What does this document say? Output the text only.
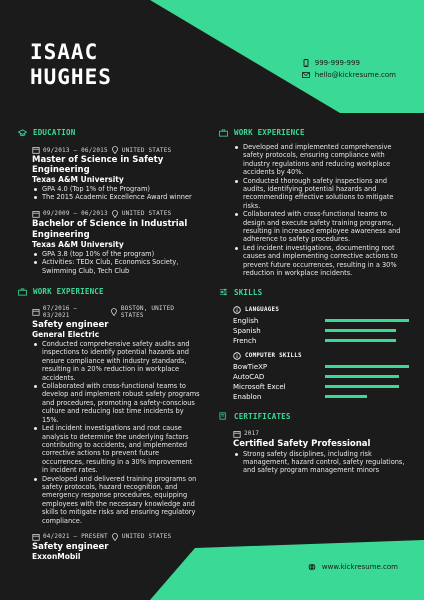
ISAAC
HUGHES
999-999-999
hello@kickresume.com
EDUCATION
09/2013 – 06/2015 UNITED STATES
Master of Science in Safety Engineering
Texas A&M University
GPA 4.0 (Top 1% of the Program)
The 2015 Academic Excellence Award winner
09/2009 – 06/2013 UNITED STATES
Bachelor of Science in Industrial
Engineering
Texas A&M University
GPA 3.8 (top 10% of the program)
Activities: TEDx Club, Economics Society, Swimming Club, Tech Club
WORK EXPERIENCE
07/2016 – 03/2021
BOSTON, UNITED STATES
Safety engineer
General Electric
Conducted comprehensive safety audits and inspections to identify potential hazards and ensure compliance with industry standards, resulting in a 20% reduction in workplace accidents.
Collaborated with cross-functional teams to develop and implement robust safety programs and procedures, promoting a safety-conscious culture and reducing lost time incidents by 15%.
Led incident investigations and root cause analysis to determine the underlying factors contributing to accidents, and implemented corrective actions to prevent future occurrences, resulting in a 30% improvement in incident rates.
Developed and delivered training programs on safety protocols, hazard recognition, and emergency response procedures, equipping employees with the necessary knowledge and skills to mitigate risks and ensuring regulatory compliance.
04/2021 – PRESENT UNITED STATES
Safety engineer
ExxonMobil
WORK EXPERIENCE
Developed and implemented comprehensive safety protocols, ensuring compliance with industry regulations and reducing workplace accidents by 40%.
Conducted thorough safety inspections and audits, identifying potential hazards and recommending effective solutions to mitigate risks.
Collaborated with cross-functional teams to design and execute safety training programs, resulting in increased employee awareness and adherence to safety procedures.
Led incident investigations, documenting root causes and implementing corrective actions to prevent future occurrences, resulting in a 30% reduction in workplace incidents.
SKILLS
LANGUAGES
English
Spanish
French
COMPUTER SKILLS
BowTieXP
AutoCAD
Microsoft Excel
Enablon
CERTIFICATES
2017
Certified Safety Professional
Strong safety disciplines, including risk management, hazard control, safety regulations, and safety program management minors
www.kickresume.com
